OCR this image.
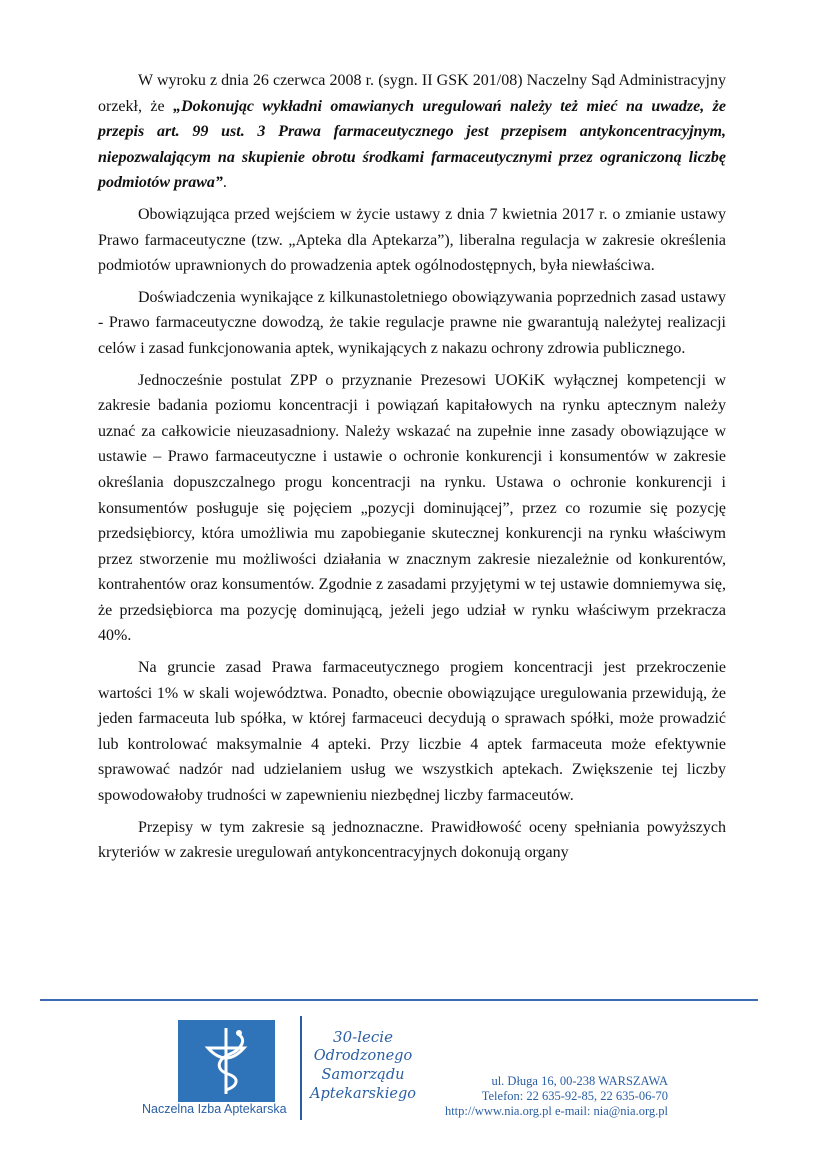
W wyroku z dnia 26 czerwca 2008 r. (sygn. II GSK 201/08) Naczelny Sąd Administracyjny orzekł, że „Dokonując wykładni omawianych uregulowań należy też mieć na uwadze, że przepis art. 99 ust. 3 Prawa farmaceutycznego jest przepisem antykoncentracyjnym, niepozwalającym na skupienie obrotu środkami farmaceutycznymi przez ograniczoną liczbę podmiotów prawa”.

Obowiązująca przed wejściem w życie ustawy z dnia 7 kwietnia 2017 r. o zmianie ustawy Prawo farmaceutyczne (tzw. „Apteka dla Aptekarza”), liberalna regulacja w zakresie określenia podmiotów uprawnionych do prowadzenia aptek ogólnodostępnych, była niewłaściwa.

Doświadczenia wynikające z kilkunastoletniego obowiązywania poprzednich zasad ustawy - Prawo farmaceutyczne dowodzą, że takie regulacje prawne nie gwarantują należytej realizacji celów i zasad funkcjonowania aptek, wynikających z nakazu ochrony zdrowia publicznego.

Jednocześnie postulat ZPP o przyznanie Prezesowi UOKiK wyłącznej kompetencji w zakresie badania poziomu koncentracji i powiązań kapitałowych na rynku aptecznym należy uznać za całkowicie nieuzasadniony. Należy wskazać na zupełnie inne zasady obowiązujące w ustawie – Prawo farmaceutyczne i ustawie o ochronie konkurencji i konsumentów w zakresie określania dopuszczalnego progu koncentracji na rynku. Ustawa o ochronie konkurencji i konsumentów posługuje się pojęciem „pozycji dominującej”, przez co rozumie się pozycję przedsiębiorcy, która umożliwia mu zapobieganie skutecznej konkurencji na rynku właściwym przez stworzenie mu możliwości działania w znacznym zakresie niezależnie od konkurentów, kontrahentów oraz konsumentów. Zgodnie z zasadami przyjętymi w tej ustawie domniemywa się, że przedsiębiorca ma pozycję dominującą, jeżeli jego udział w rynku właściwym przekracza 40%.

Na gruncie zasad Prawa farmaceutycznego progiem koncentracji jest przekroczenie wartości 1% w skali województwa. Ponadto, obecnie obowiązujące uregulowania przewidują, że jeden farmaceuta lub spółka, w której farmaceuci decydują o sprawach spółki, może prowadzić lub kontrolować maksymalnie 4 apteki. Przy liczbie 4 aptek farmaceuta może efektywnie sprawować nadzór nad udzielaniem usług we wszystkich aptekach. Zwiększenie tej liczby spowodowałoby trudności w zapewnieniu niezbędnej liczby farmaceutów.

Przepisy w tym zakresie są jednoznaczne. Prawidłowość oceny spełniania powyższych kryteriów w zakresie uregulowań antykoncentracyjnych dokonują organy

Naczelna Izba Aptekarska
30-lecie
Odrodzonego
Samorządu
Aptekarskiego
ul. Długa 16, 00-238 WARSZAWA
Telefon: 22 635-92-85, 22 635-06-70
http://www.nia.org.pl e-mail: nia@nia.org.pl
